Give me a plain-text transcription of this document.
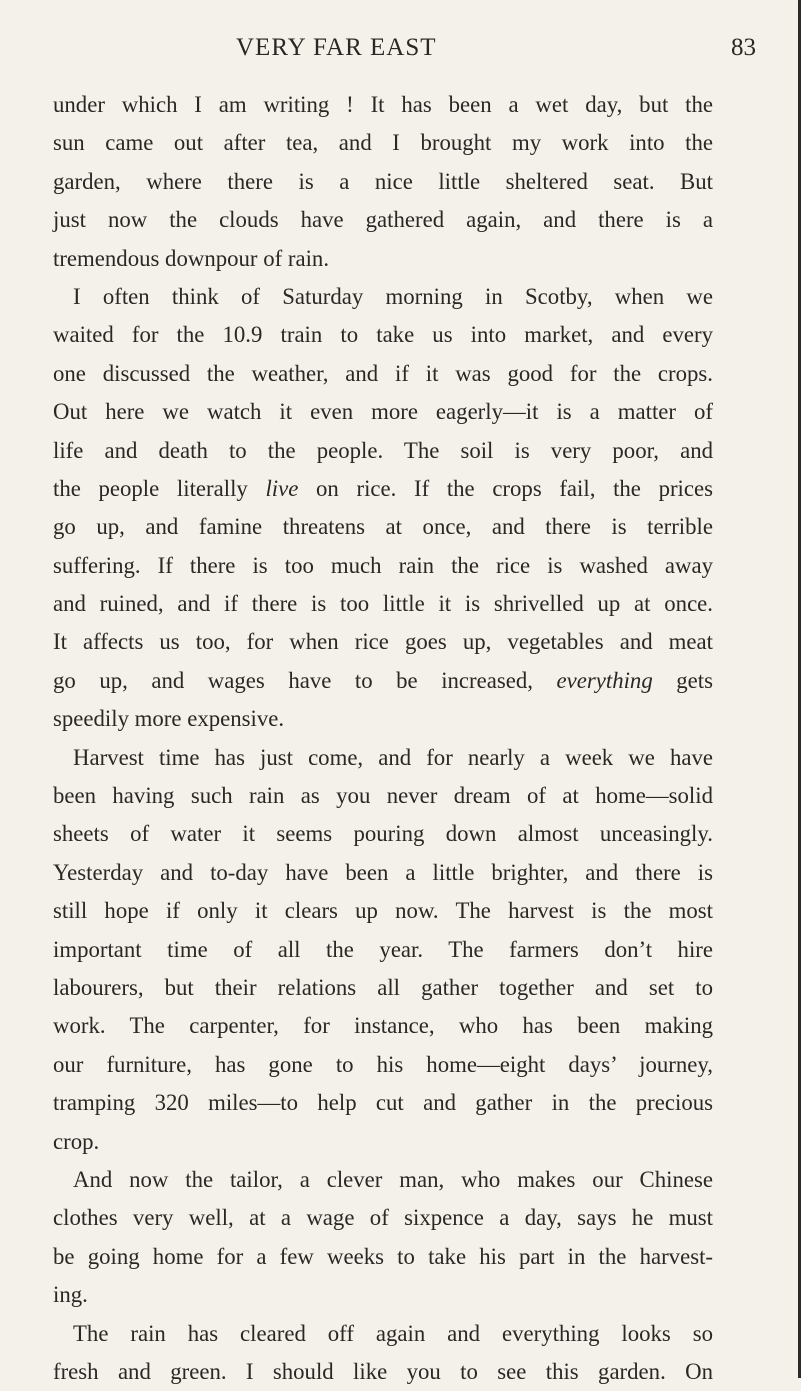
VERY FAR EAST	83
under which I am writing ! It has been a wet day, but the
sun came out after tea, and I brought my work into the
garden, where there is a nice little sheltered seat. But
just now the clouds have gathered again, and there is a
tremendous downpour of rain.
I often think of Saturday morning in Scotby, when we
waited for the 10.9 train to take us into market, and every
one discussed the weather, and if it was good for the crops.
Out here we watch it even more eagerly—it is a matter of
life and death to the people. The soil is very poor, and
the people literally live on rice. If the crops fail, the prices
go up, and famine threatens at once, and there is terrible
suffering. If there is too much rain the rice is washed away
and ruined, and if there is too little it is shrivelled up at once.
It affects us too, for when rice goes up, vegetables and meat
go up, and wages have to be increased, everything gets
speedily more expensive.
Harvest time has just come, and for nearly a week we have
been having such rain as you never dream of at home—solid
sheets of water it seems pouring down almost unceasingly.
Yesterday and to-day have been a little brighter, and there is
still hope if only it clears up now. The harvest is the most
important time of all the year. The farmers don’t hire
labourers, but their relations all gather together and set to
work. The carpenter, for instance, who has been making
our furniture, has gone to his home—eight days’ journey,
tramping 320 miles—to help cut and gather in the precious
crop.
And now the tailor, a clever man, who makes our Chinese
clothes very well, at a wage of sixpence a day, says he must
be going home for a few weeks to take his part in the harvest-
ing.
The rain has cleared off again and everything looks so
fresh and green. I should like you to see this garden. On
